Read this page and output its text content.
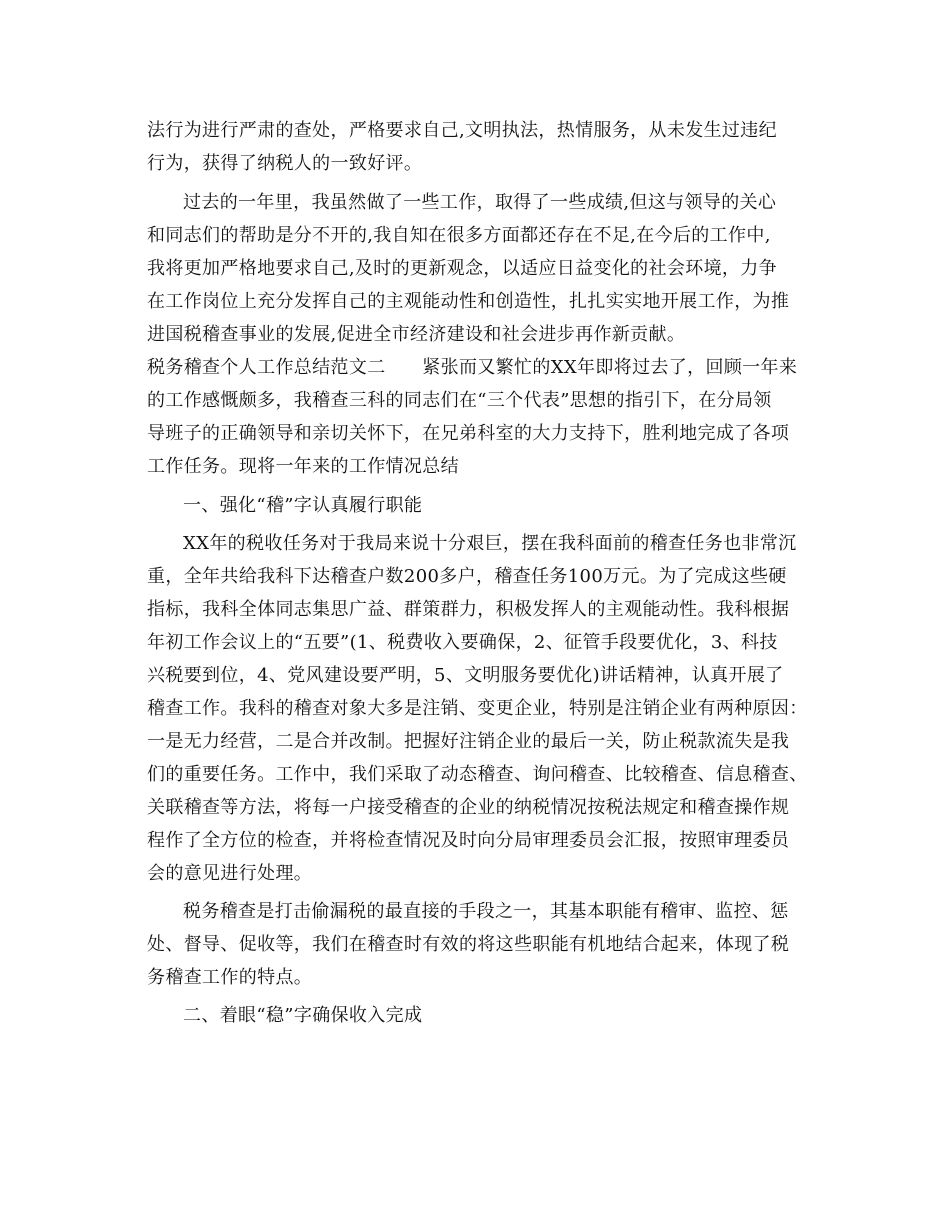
法行为进行严肃的查处，严格要求自己,文明执法，热情服务，从未发生过违纪
行为，获得了纳税人的一致好评。
过去的一年里，我虽然做了一些工作，取得了一些成绩,但这与领导的关心
和同志们的帮助是分不开的,我自知在很多方面都还存在不足,在今后的工作中,
我将更加严格地要求自己,及时的更新观念，以适应日益变化的社会环境，力争
在工作岗位上充分发挥自己的主观能动性和创造性，扎扎实实地开展工作，为推
进国税稽查事业的发展,促进全市经济建设和社会进步再作新贡献。
税务稽查个人工作总结范文二　　紧张而又繁忙的XX年即将过去了，回顾一年来
的工作感慨颇多，我稽查三科的同志们在“三个代表”思想的指引下，在分局领
导班子的正确领导和亲切关怀下，在兄弟科室的大力支持下，胜利地完成了各项
工作任务。现将一年来的工作情况总结
一、强化“稽”字认真履行职能
XX年的税收任务对于我局来说十分艰巨，摆在我科面前的稽查任务也非常沉
重，全年共给我科下达稽查户数200多户，稽查任务100万元。为了完成这些硬
指标，我科全体同志集思广益、群策群力，积极发挥人的主观能动性。我科根据
年初工作会议上的“五要”(1、税费收入要确保，2、征管手段要优化，3、科技
兴税要到位，4、党风建设要严明，5、文明服务要优化)讲话精神，认真开展了
稽查工作。我科的稽查对象大多是注销、变更企业，特别是注销企业有两种原因：
一是无力经营，二是合并改制。把握好注销企业的最后一关，防止税款流失是我
们的重要任务。工作中，我们采取了动态稽查、询问稽查、比较稽查、信息稽查、
关联稽查等方法，将每一户接受稽查的企业的纳税情况按税法规定和稽查操作规
程作了全方位的检查，并将检查情况及时向分局审理委员会汇报，按照审理委员
会的意见进行处理。
税务稽查是打击偷漏税的最直接的手段之一，其基本职能有稽审、监控、惩
处、督导、促收等，我们在稽查时有效的将这些职能有机地结合起来，体现了税
务稽查工作的特点。
二、着眼“稳”字确保收入完成
